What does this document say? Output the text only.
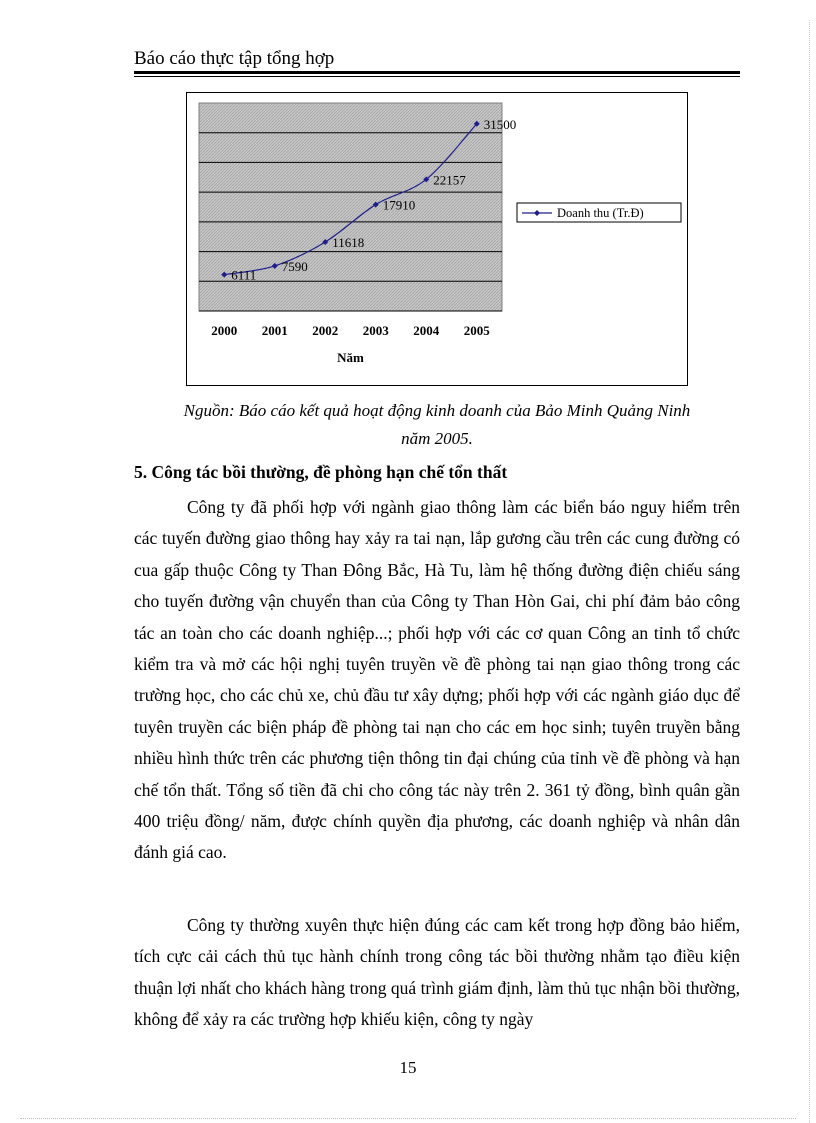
Báo cáo thực tập tổng hợp
2000 2001 2002 2003 2004 2005
Năm
6111
7590
11618
17910
22157
31500
Doanh thu (Tr.Đ)
Nguồn: Báo cáo kết quả hoạt động kinh doanh của Bảo Minh Quảng Ninh
năm 2005.
5. Công tác bồi thường, đề phòng hạn chế tổn thất

Công ty đã phối hợp với ngành giao thông làm các biển báo nguy hiểm trên các tuyến đường giao thông hay xảy ra tai nạn, lắp gương cầu trên các cung đường có cua gấp thuộc Công ty Than Đông Bắc, Hà Tu, làm hệ thống đường điện chiếu sáng cho tuyến đường vận chuyển than của Công ty Than Hòn Gai, chi phí đảm bảo công tác an toàn cho các doanh nghiệp...; phối hợp với các cơ quan Công an tỉnh tổ chức kiểm tra và mở các hội nghị tuyên truyền về đề phòng tai nạn giao thông trong các trường học, cho các chủ xe, chủ đầu tư xây dựng; phối hợp với các ngành giáo dục để tuyên truyền các biện pháp đề phòng tai nạn cho các em học sinh; tuyên truyền bằng nhiều hình thức trên các phương tiện thông tin đại chúng của tỉnh về đề phòng và hạn chế tổn thất. Tổng số tiền đã chi cho công tác này trên 2. 361 tỷ đồng, bình quân gần 400 triệu đồng/ năm, được chính quyền địa phương, các doanh nghiệp và nhân dân đánh giá cao.

Công ty thường xuyên thực hiện đúng các cam kết trong hợp đồng bảo hiểm, tích cực cải cách thủ tục hành chính trong công tác bồi thường nhằm tạo điều kiện thuận lợi nhất cho khách hàng trong quá trình giám định, làm thủ tục nhận bồi thường, không để xảy ra các trường hợp khiếu kiện, công ty ngày

15
